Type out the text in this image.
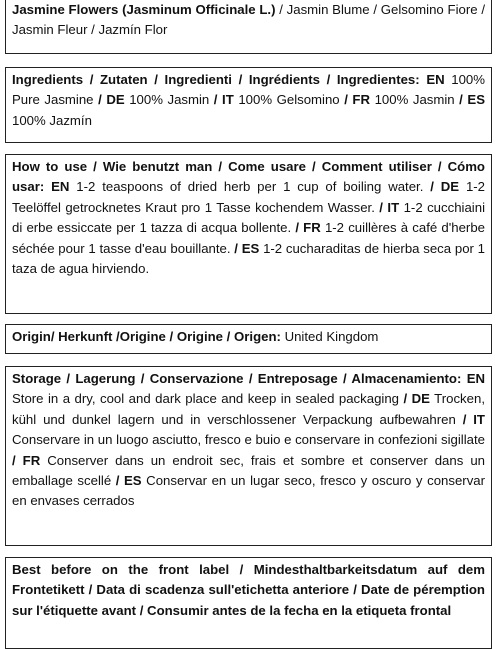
Jasmine Flowers (Jasminum Officinale L.) / Jasmin Blume / Gelsomino Fiore / Jasmin Fleur / Jazmín Flor
Ingredients / Zutaten / Ingredienti / Ingrédients / Ingredientes: EN 100% Pure Jasmine / DE 100% Jasmin / IT 100% Gelsomino / FR 100% Jasmin / ES 100% Jazmín
How to use / Wie benutzt man / Come usare / Comment utiliser / Cómo usar: EN 1-2 teaspoons of dried herb per 1 cup of boiling water. / DE 1-2 Teelöffel getrocknetes Kraut pro 1 Tasse kochendem Wasser. / IT 1-2 cucchiaini di erbe essiccate per 1 tazza di acqua bollente. / FR 1-2 cuillères à café d'herbe séchée pour 1 tasse d'eau bouillante. / ES 1-2 cucharaditas de hierba seca por 1 taza de agua hirviendo.
Origin/ Herkunft /Origine / Origine / Origen: United Kingdom
Storage / Lagerung / Conservazione / Entreposage / Almacenamiento: EN Store in a dry, cool and dark place and keep in sealed packaging / DE Trocken, kühl und dunkel lagern und in verschlossener Verpackung aufbewahren / IT Conservare in un luogo asciutto, fresco e buio e conservare in confezioni sigillate / FR Conserver dans un endroit sec, frais et sombre et conserver dans un emballage scellé / ES Conservar en un lugar seco, fresco y oscuro y conservar en envases cerrados
Best before on the front label / Mindesthaltbarkeitsdatum auf dem Frontetikett / Data di scadenza sull'etichetta anteriore / Date de péremption sur l'étiquette avant / Consumir antes de la fecha en la etiqueta frontal
